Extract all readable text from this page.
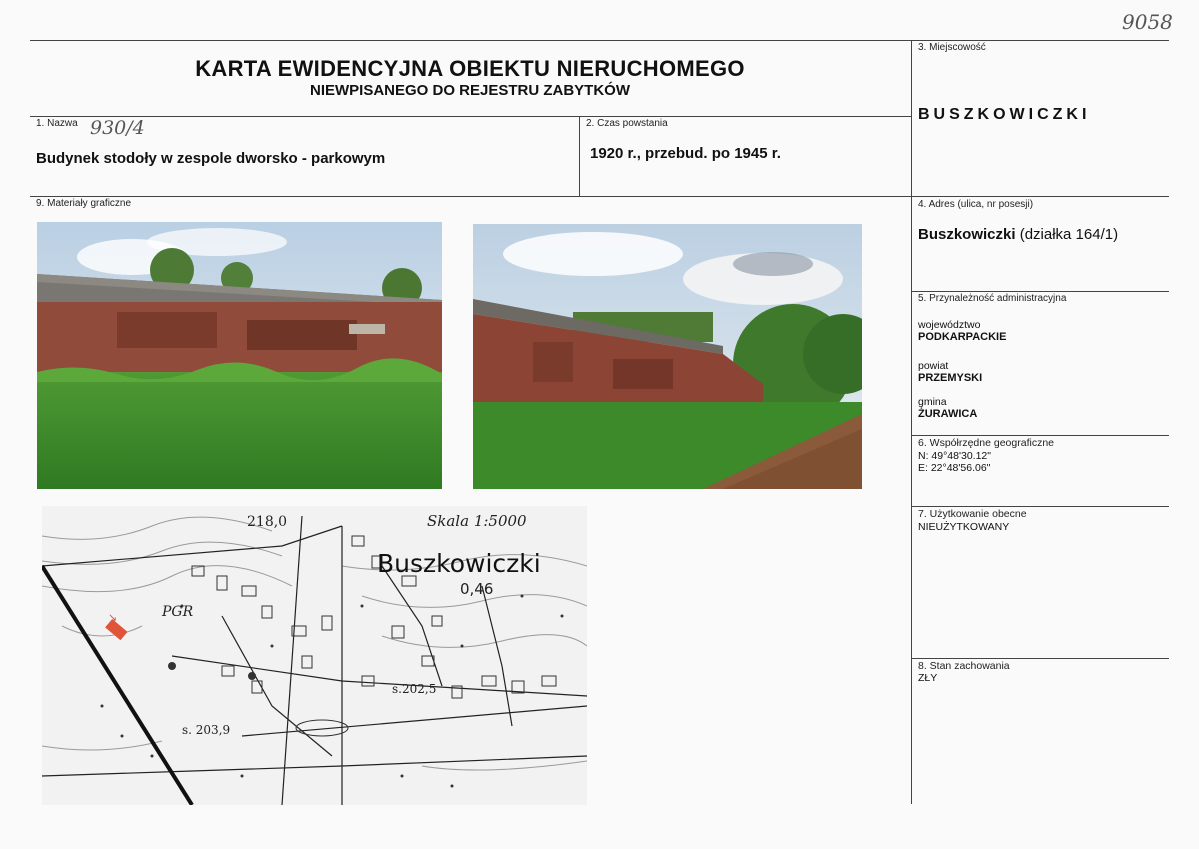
9058
KARTA EWIDENCYJNA OBIEKTU NIERUCHOMEGO
NIEWPISANEGO DO REJESTRU ZABYTKÓW
3. Miejscowość
BUSZKOWICZKI
1. Nazwa 930/4
Budynek stodoły w zespole dworsko - parkowym
2. Czas powstania
1920 r., przebud. po 1945 r.
9. Materiały graficzne	4. Adres (ulica, nr posesji)
Buszkowiczki (działka 164/1)
5. Przynależność administracyjna
województwo
PODKARPACKIE
powiat
PRZEMYSKI
gmina
ŻURAWICA
6. Współrzędne geograficzne
N: 49°48'30.12"
E: 22°48'56.06"
7. Użytkowanie obecne
NIEUŻYTKOWANY
8. Stan zachowania
ZŁY
↘
Skala 1:5000
218,0
Buszkowiczki
0,46
PGR
s.202,5
s. 203,9
